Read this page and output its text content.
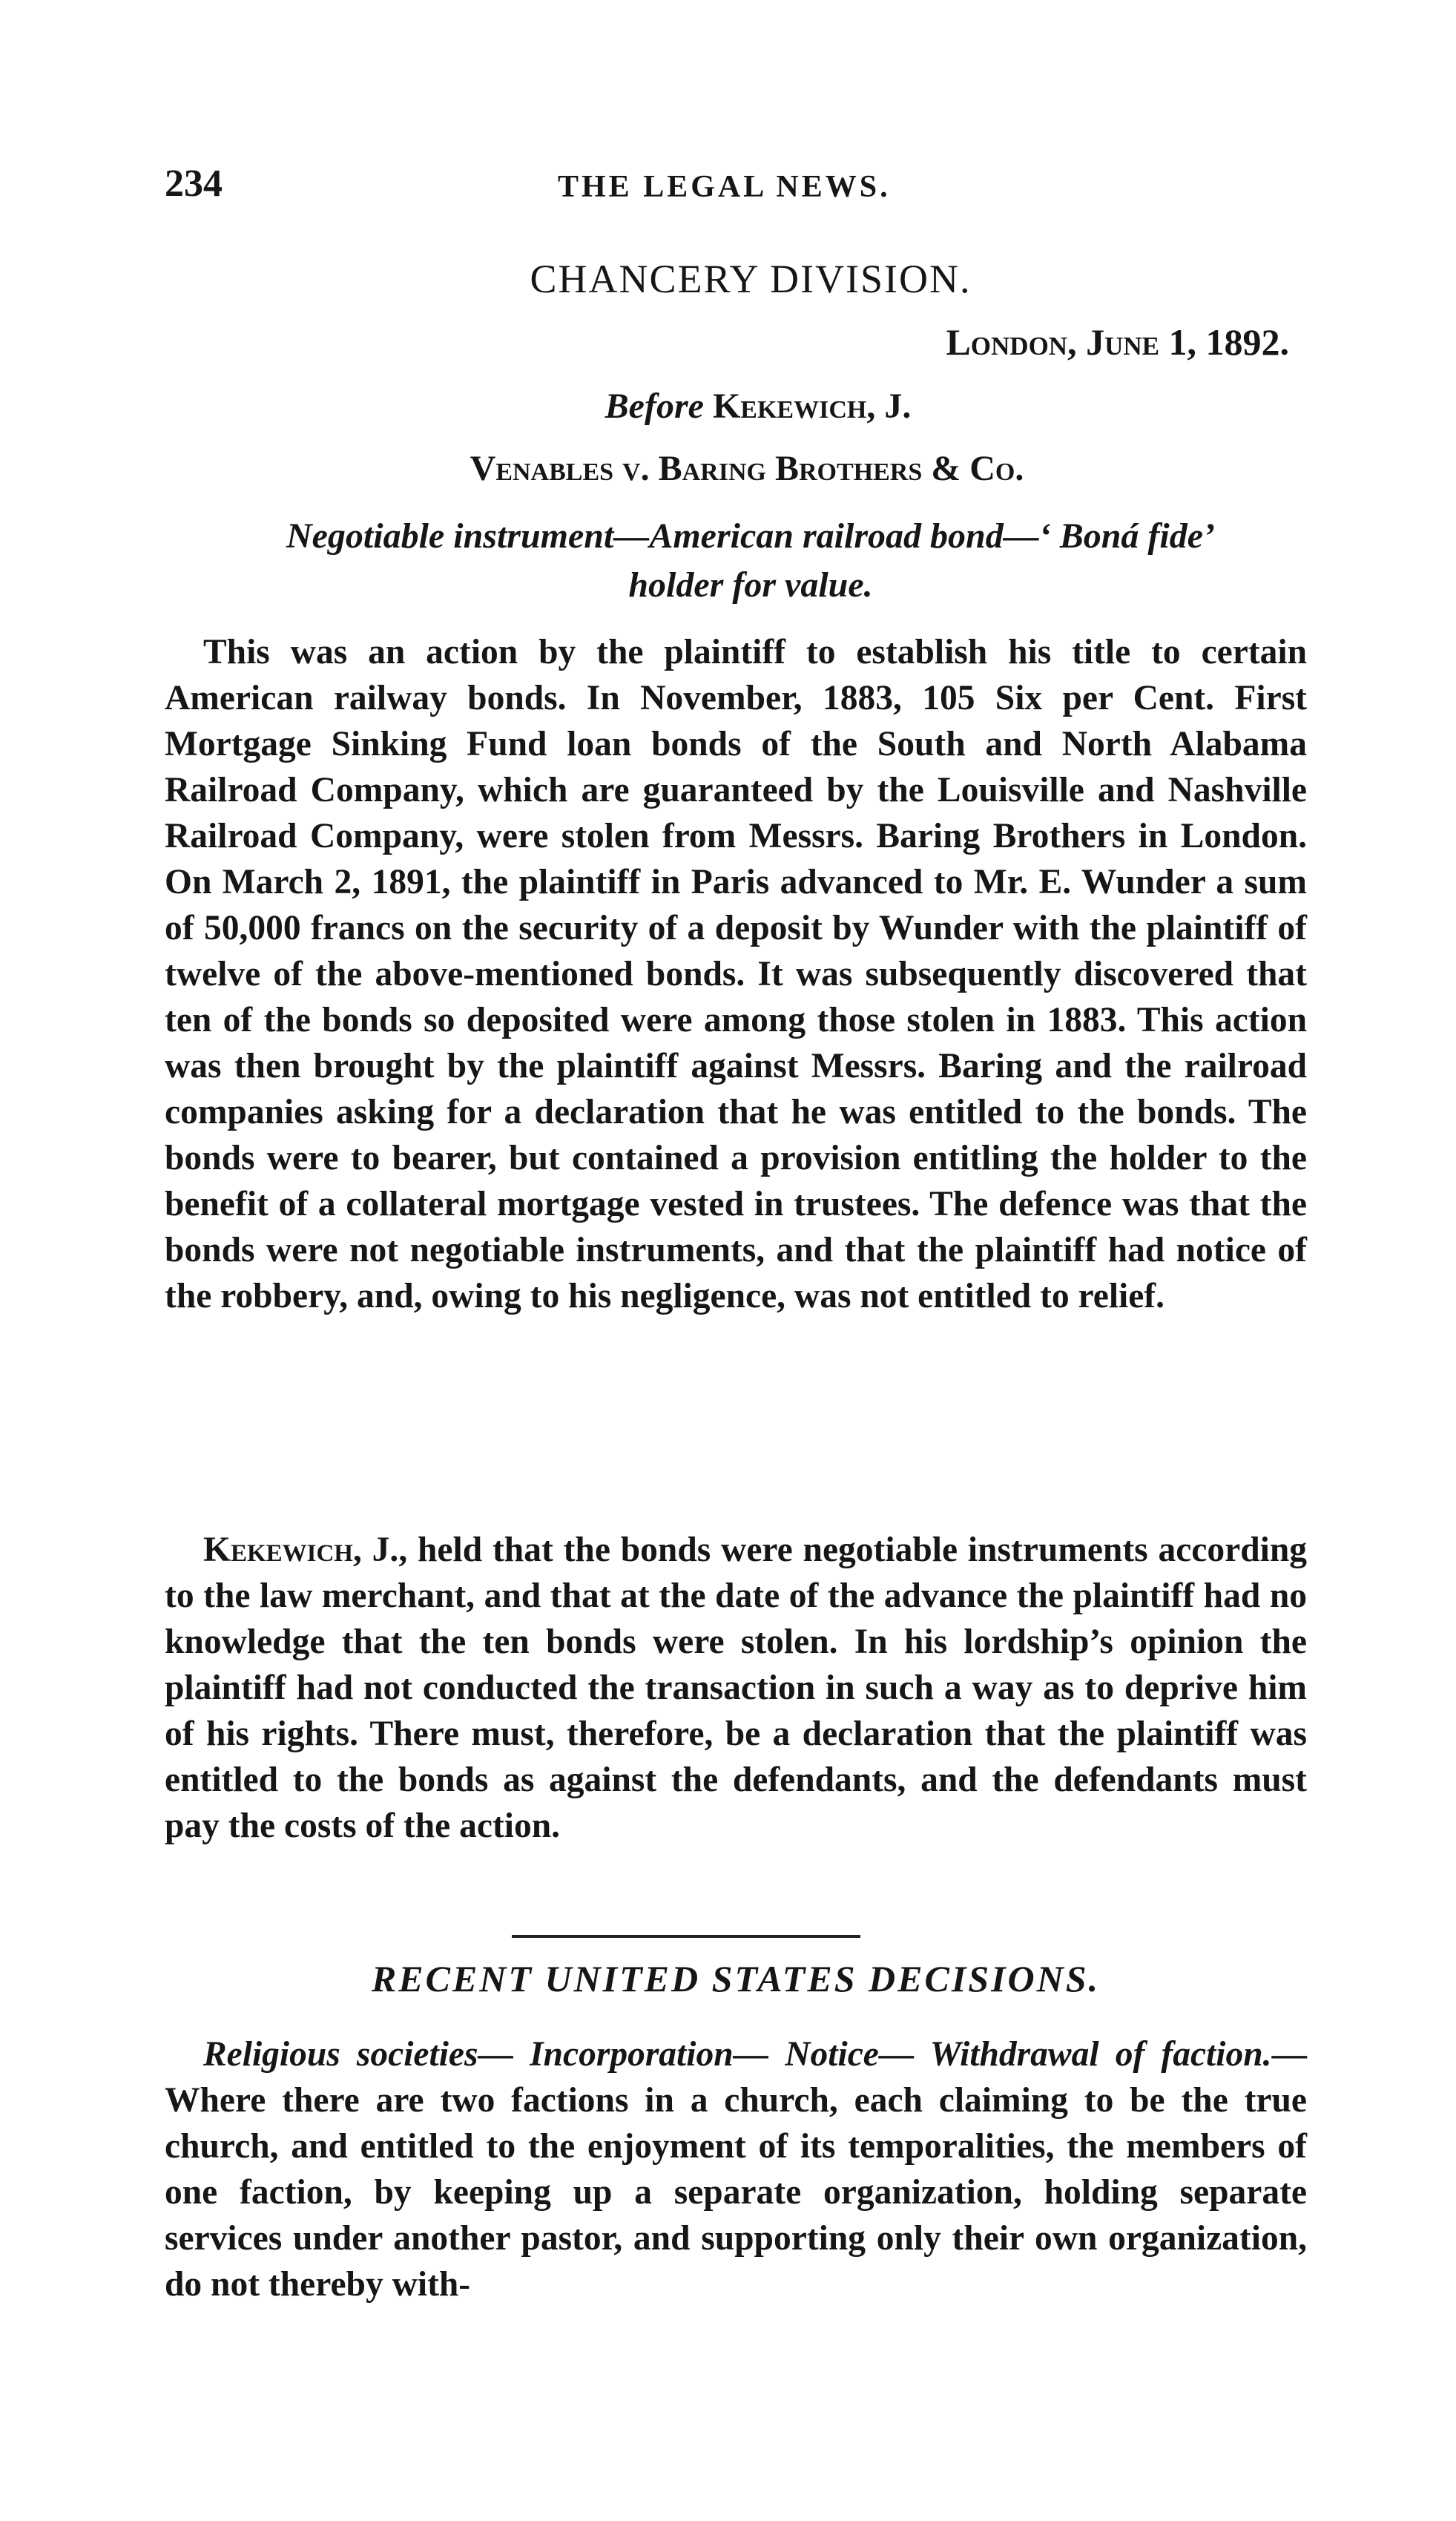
234	THE LEGAL NEWS.
CHANCERY DIVISION.
London, June 1, 1892.
Before Kekewich, J.
Venables v. Baring Brothers & Co.
Negotiable instrument—American railroad bond—‘ Boná fide’
holder for value.

This was an action by the plaintiff to establish his title to certain American railway bonds. In November, 1883, 105 Six per Cent. First Mortgage Sinking Fund loan bonds of the South and North Alabama Railroad Company, which are guaranteed by the Louisville and Nashville Railroad Company, were stolen from Messrs. Baring Brothers in London. On March 2, 1891, the plaintiff in Paris advanced to Mr. E. Wunder a sum of 50,000 francs on the security of a deposit by Wunder with the plaintiff of twelve of the above-mentioned bonds. It was subsequently discovered that ten of the bonds so deposited were among those stolen in 1883. This action was then brought by the plaintiff against Messrs. Baring and the railroad companies asking for a declaration that he was entitled to the bonds. The bonds were to bearer, but contained a provision entitling the holder to the benefit of a collateral mortgage vested in trustees. The defence was that the bonds were not negotiable instruments, and that the plaintiff had notice of the robbery, and, owing to his negligence, was not entitled to relief.

Kekewich, J., held that the bonds were negotiable instruments according to the law merchant, and that at the date of the advance the plaintiff had no knowledge that the ten bonds were stolen. In his lordship’s opinion the plaintiff had not conducted the transaction in such a way as to deprive him of his rights. There must, therefore, be a declaration that the plaintiff was entitled to the bonds as against the defendants, and the defendants must pay the costs of the action.

RECENT UNITED STATES DECISIONS.

Religious societies— Incorporation— Notice— Withdrawal of faction.—Where there are two factions in a church, each claiming to be the true church, and entitled to the enjoyment of its temporalities, the members of one faction, by keeping up a separate organization, holding separate services under another pastor, and supporting only their own organization, do not thereby with-
